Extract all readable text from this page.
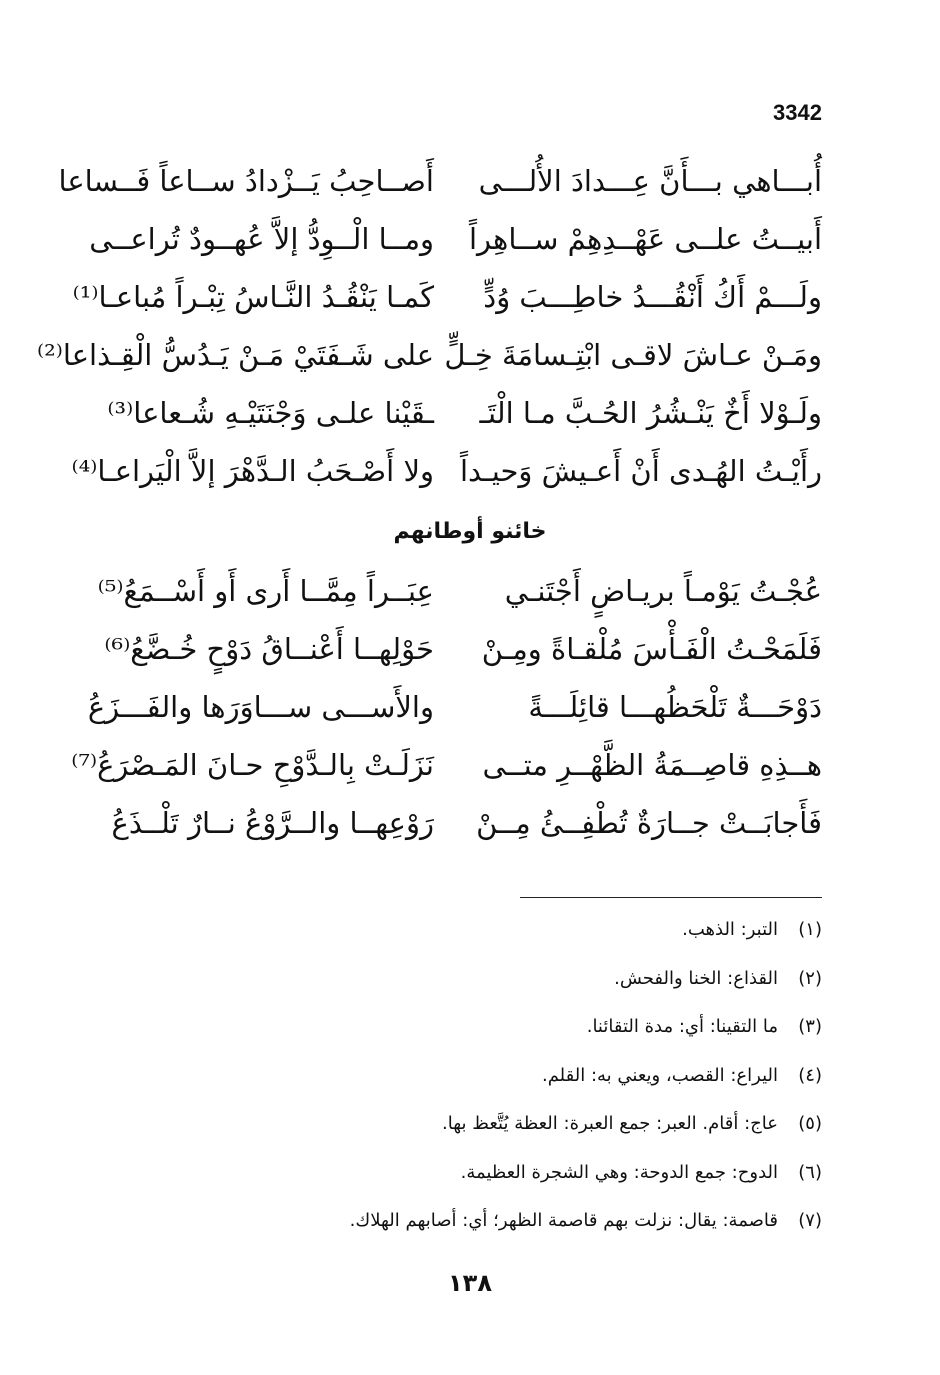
3342
أُبـــاهي بـــأَنَّ عِـــدادَ الأُلـــى
أَصــاحِبُ يَــزْدادُ ســاعاً فَــساعا
أَبيــتُ علــى عَهْــدِهِمْ ســاهِراً
ومــا الْــوِدُّ إلاَّ عُهــودٌ تُراعــى
ولَـــمْ أَكُ أَنْقُـــدُ خاطِـــبَ وُدٍّ
كَمـا يَنْقُـدُ النَّـاسُ تِبْـراً مُباعـا⁽¹⁾
ومَـنْ عـاشَ لاقـى ابْتِـسامَةَ خِـلٍّ
على شَـفَتَيْ مَـنْ يَـدُسُّ الْقِـذاعا⁽²⁾
ولَـوْلا أَخٌ يَنْـشُرُ الحُـبَّ مـا الْتَـ
ـقَيْنا علـى وَجْنَتَيْـهِ شُـعاعا⁽³⁾
رأَيْـتُ الهُـدى أَنْ أَعـيشَ وَحيـداً
ولا أَصْـحَبُ الـدَّهْرَ إلاَّ الْيَراعـا⁽⁴⁾
خائنو أوطانهم
عُجْـتُ يَوْمـاً بريـاضٍ أَجْتَنـي
عِبَــراً مِمَّــا أَرى أَو أَسْــمَعُ⁽⁵⁾
فَلَمَحْـتُ الْفَـأْسَ مُلْقـاةً ومِـنْ
حَوْلِهــا أَعْنــاقُ دَوْحٍ خُـضَّعُ⁽⁶⁾
دَوْحَـــةٌ تَلْحَظُهـــا قائِلَـــةً
والأَســـى ســـاوَرَها والفَـــزَعُ
هــذِهِ قاصِــمَةُ الظَّهْــرِ متــى
نَزَلَـتْ بِالـدَّوْحِ حـانَ المَـصْرَعُ⁽⁷⁾
فَأَجابَــتْ جــارَةٌ تُطْفِــئُ مِــنْ
رَوْعِهــا والــرَّوْعُ نــارٌ تَلْــذَعُ
(١)التبر: الذهب.
(٢)القذاع: الخنا والفحش.
(٣)ما التقينا: أي: مدة التقائنا.
(٤)اليراع: القصب، ويعني به: القلم.
(٥)عاج: أقام. العبر: جمع العبرة: العظة يُتَّعظ بها.
(٦)الدوح: جمع الدوحة: وهي الشجرة العظيمة.
(٧)قاصمة: يقال: نزلت بهم قاصمة الظهر؛ أي: أصابهم الهلاك.
١٣٨
